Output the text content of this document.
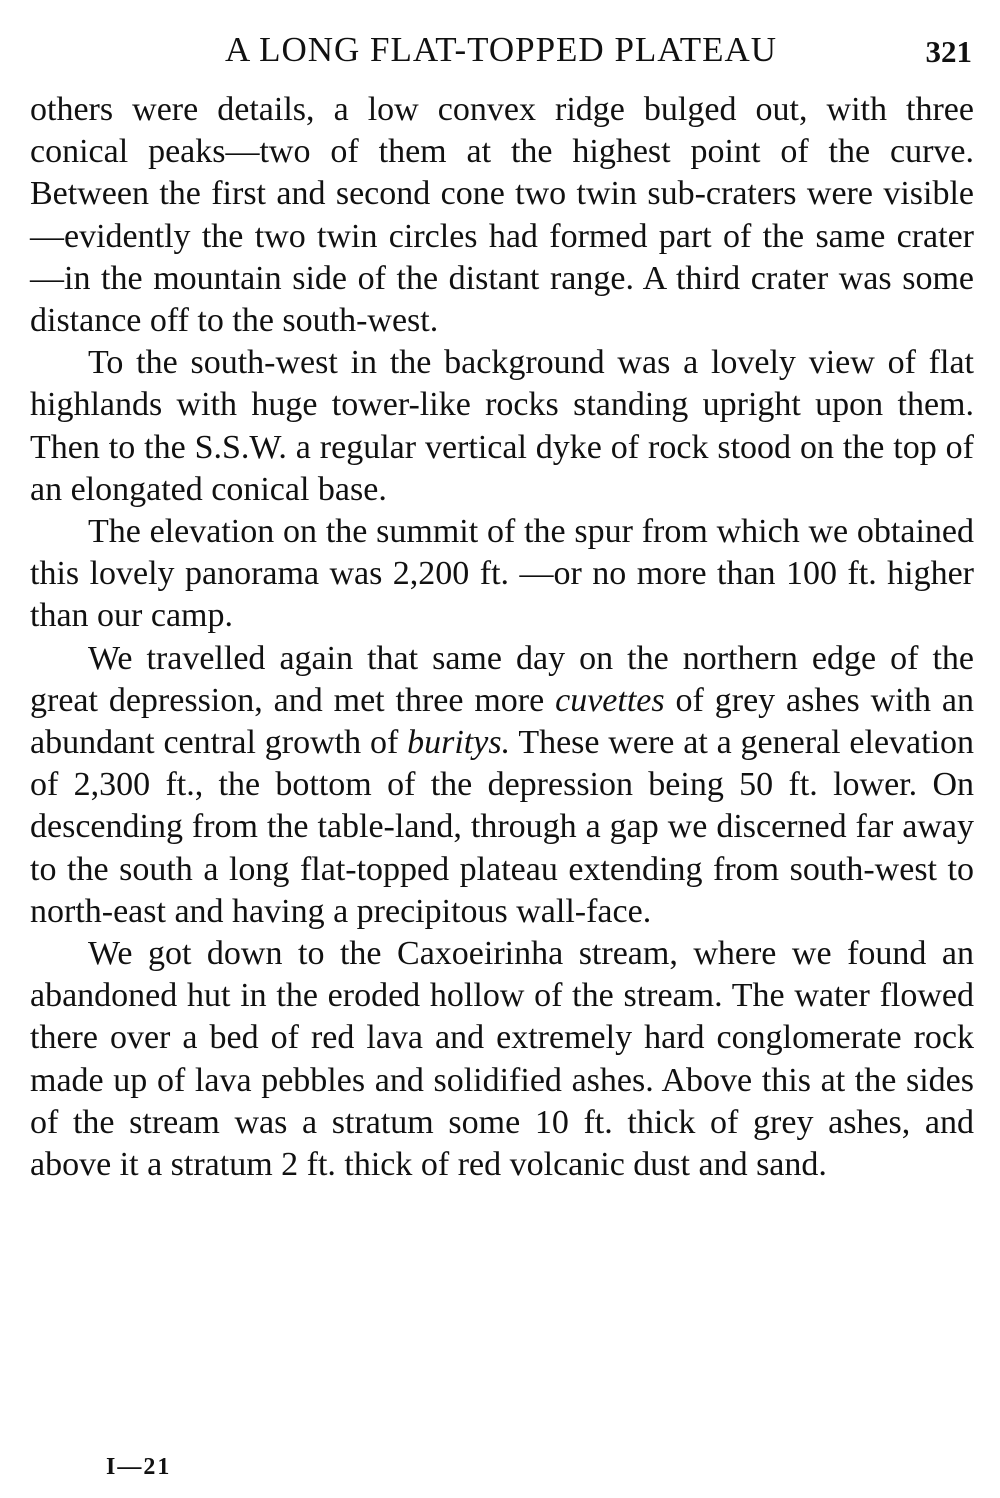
A LONG FLAT-TOPPED PLATEAU	321

others were details, a low convex ridge bulged out, with three conical peaks—two of them at the highest point of the curve. Between the first and second cone two twin sub-craters were visible—evidently the two twin circles had formed part of the same crater—in the mountain side of the distant range. A third crater was some distance off to the south-west.

To the south-west in the background was a lovely view of flat highlands with huge tower-like rocks standing upright upon them. Then to the S.S.W. a regular vertical dyke of rock stood on the top of an elongated conical base.

The elevation on the summit of the spur from which we obtained this lovely panorama was 2,200 ft. —or no more than 100 ft. higher than our camp.

We travelled again that same day on the northern edge of the great depression, and met three more cuvettes of grey ashes with an abundant central growth of buritys. These were at a general elevation of 2,300 ft., the bottom of the depression being 50 ft. lower. On descending from the table-land, through a gap we discerned far away to the south a long flat-topped plateau extending from south-west to north-east and having a precipitous wall-face.

We got down to the Caxoeirinha stream, where we found an abandoned hut in the eroded hollow of the stream. The water flowed there over a bed of red lava and extremely hard conglomerate rock made up of lava pebbles and solidified ashes. Above this at the sides of the stream was a stratum some 10 ft. thick of grey ashes, and above it a stratum 2 ft. thick of red volcanic dust and sand.

I—21
